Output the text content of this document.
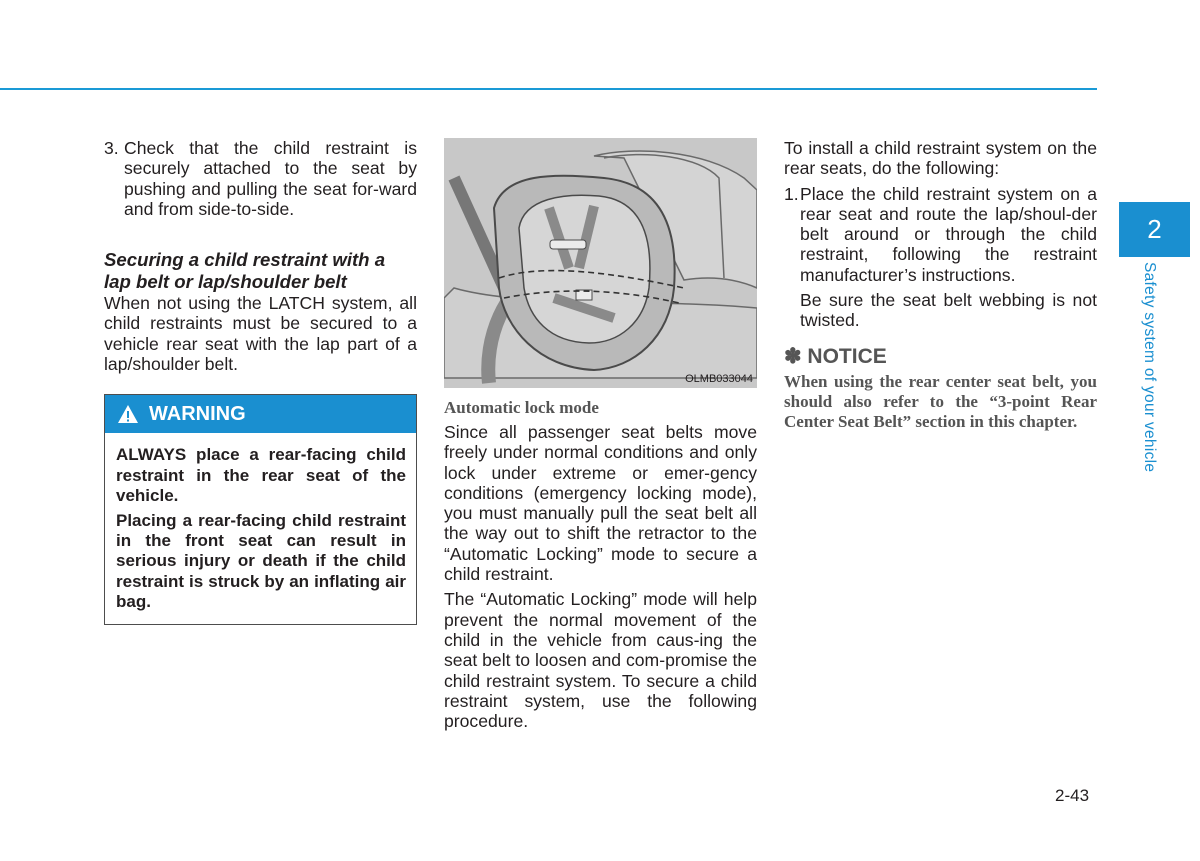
3. Check that the child restraint is securely attached to the seat by pushing and pulling the seat for-ward and from side-to-side.
Securing a child restraint with a lap belt or lap/shoulder belt

When not using the LATCH system, all child restraints must be secured to a vehicle rear seat with the lap part of a lap/shoulder belt.

WARNING

ALWAYS place a rear-facing child restraint in the rear seat of the vehicle.

Placing a rear-facing child restraint in the front seat can result in serious injury or death if the child restraint is struck by an inflating air bag.

OLMB033044
Automatic lock mode

Since all passenger seat belts move freely under normal conditions and only lock under extreme or emer-gency conditions (emergency locking mode), you must manually pull the seat belt all the way out to shift the retractor to the “Automatic Locking” mode to secure a child restraint.

The “Automatic Locking” mode will help prevent the normal movement of the child in the vehicle from caus-ing the seat belt to loosen and com-promise the child restraint system. To secure a child restraint system, use the following procedure.

To install a child restraint system on the rear seats, do the following:

1. Place the child restraint system on a rear seat and route the lap/shoul-der belt around or through the child restraint, following the restraint manufacturer’s instructions.

Be sure the seat belt webbing is not twisted.

✽ NOTICE

When using the rear center seat belt, you should also refer to the “3-point Rear Center Seat Belt” section in this chapter.

2
Safety system of your vehicle
2-43
